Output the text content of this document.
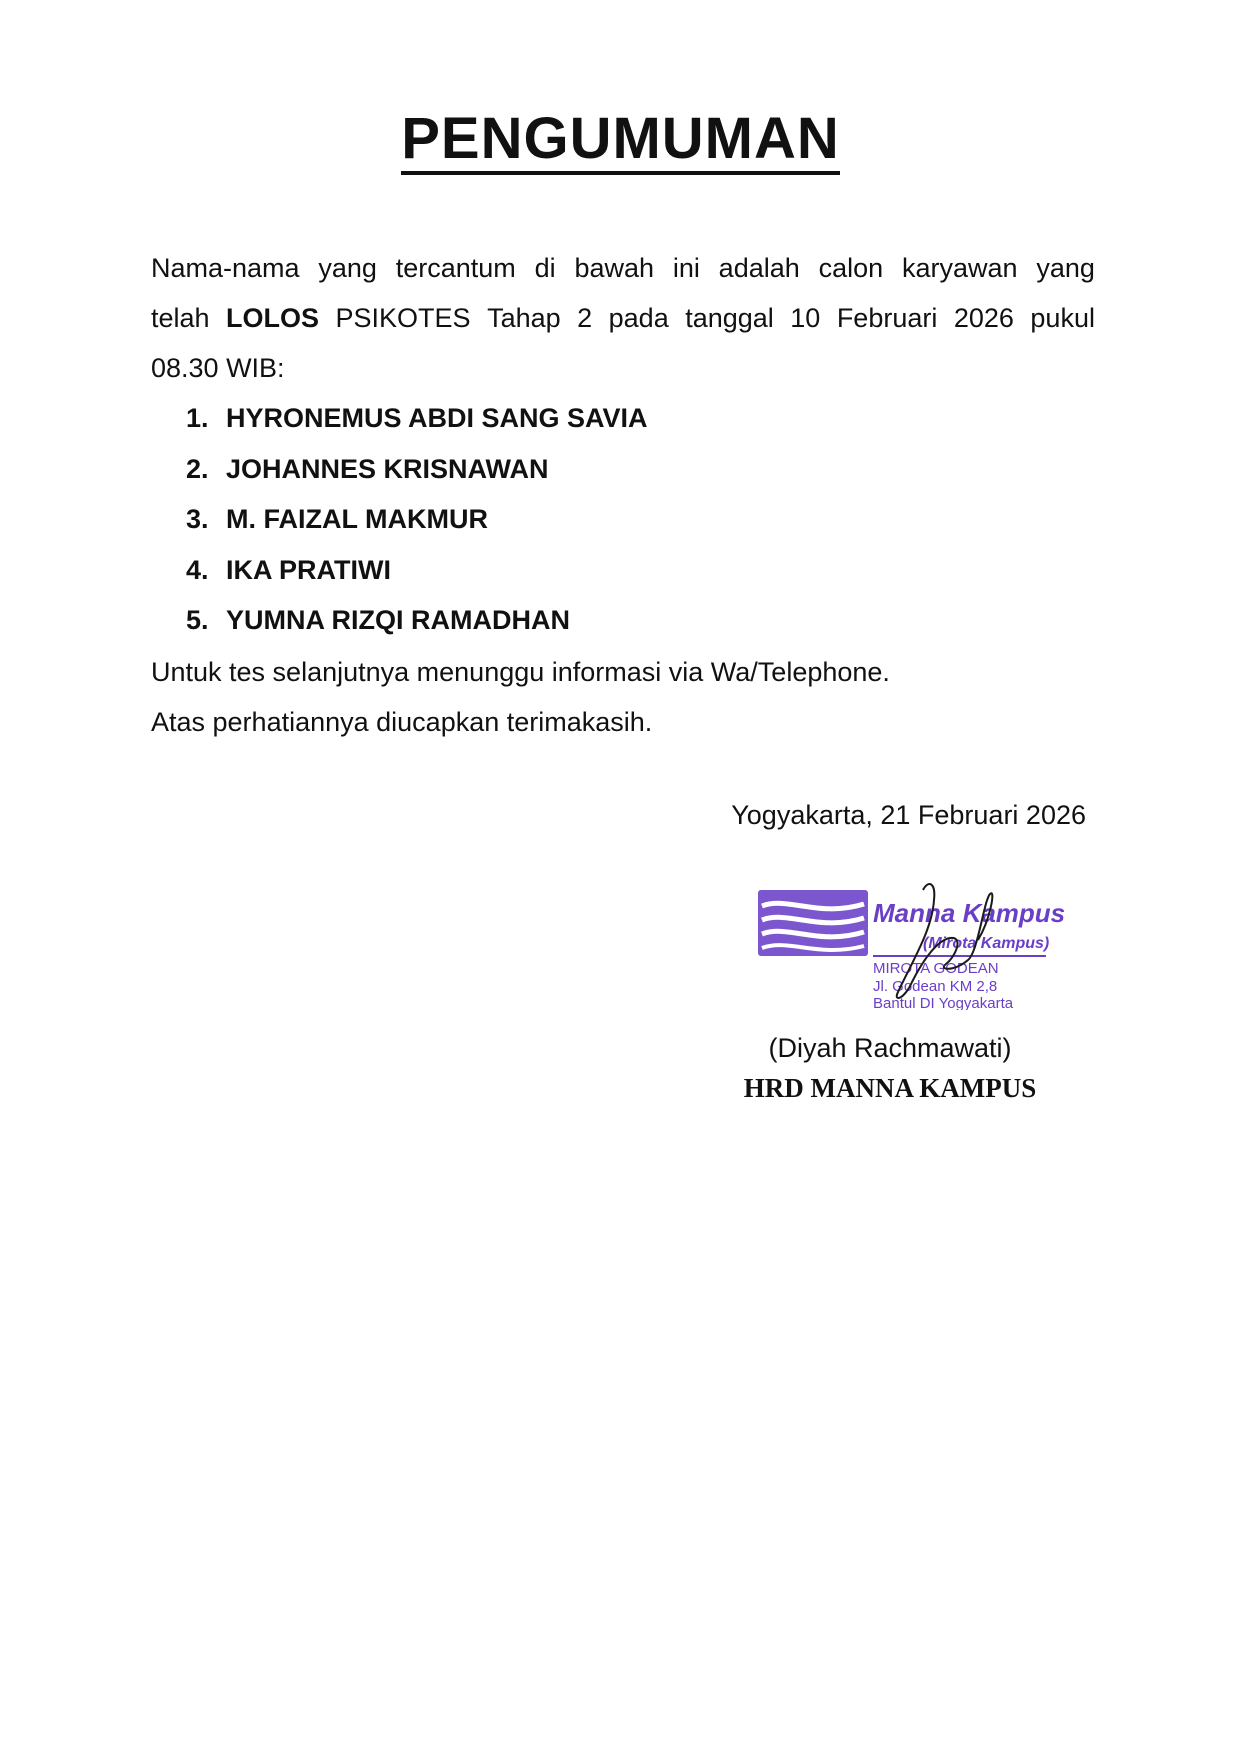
PENGUMUMAN
Nama-nama yang tercantum di bawah ini adalah calon karyawan yang
telah LOLOS PSIKOTES Tahap 2 pada tanggal 10 Februari 2026 pukul
08.30 WIB:
1. HYRONEMUS ABDI SANG SAVIA
2. JOHANNES KRISNAWAN
3. M. FAIZAL MAKMUR
4. IKA PRATIWI
5. YUMNA RIZQI RAMADHAN
Untuk tes selanjutnya menunggu informasi via Wa/Telephone.
Atas perhatiannya diucapkan terimakasih.
Yogyakarta, 21 Februari 2026
Manna Kampus
(Mirota Kampus)
MIROTA GODEAN
Jl. Godean KM 2,8
Bantul DI Yogyakarta
(Diyah Rachmawati)
HRD MANNA KAMPUS
